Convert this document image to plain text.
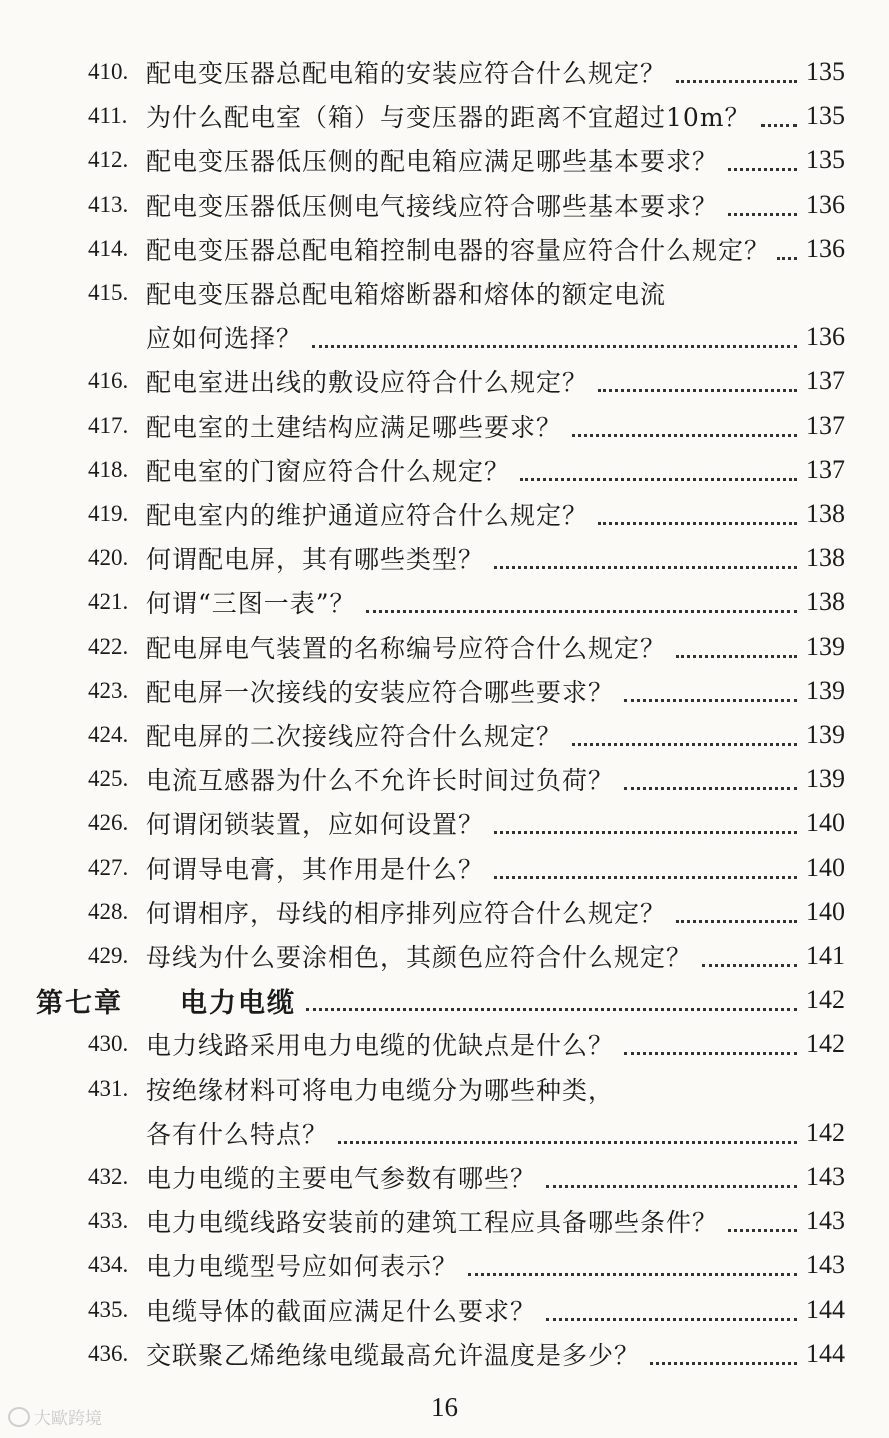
410. 配电变压器总配电箱的安装应符合什么规定？	135
411. 为什么配电室（箱）与变压器的距离不宜超过10m？	135
412. 配电变压器低压侧的配电箱应满足哪些基本要求？	135
413. 配电变压器低压侧电气接线应符合哪些基本要求？	136
414. 配电变压器总配电箱控制电器的容量应符合什么规定？	136
415. 配电变压器总配电箱熔断器和熔体的额定电流
应如何选择？	136
416. 配电室进出线的敷设应符合什么规定？	137
417. 配电室的土建结构应满足哪些要求？	137
418. 配电室的门窗应符合什么规定？	137
419. 配电室内的维护通道应符合什么规定？	138
420. 何谓配电屏，其有哪些类型？	138
421. 何谓“三图一表”？	138
422. 配电屏电气装置的名称编号应符合什么规定？	139
423. 配电屏一次接线的安装应符合哪些要求？	139
424. 配电屏的二次接线应符合什么规定？	139
425. 电流互感器为什么不允许长时间过负荷？	139
426. 何谓闭锁装置，应如何设置？	140
427. 何谓导电膏，其作用是什么？	140
428. 何谓相序，母线的相序排列应符合什么规定？	140
429. 母线为什么要涂相色，其颜色应符合什么规定？	141
第七章 电力电缆	142
430. 电力线路采用电力电缆的优缺点是什么？	142
431. 按绝缘材料可将电力电缆分为哪些种类，
各有什么特点？	142
432. 电力电缆的主要电气参数有哪些？	143
433. 电力电缆线路安装前的建筑工程应具备哪些条件？	143
434. 电力电缆型号应如何表示？	143
435. 电缆导体的截面应满足什么要求？	144
436. 交联聚乙烯绝缘电缆最高允许温度是多少？	144
16
大歐跨境
